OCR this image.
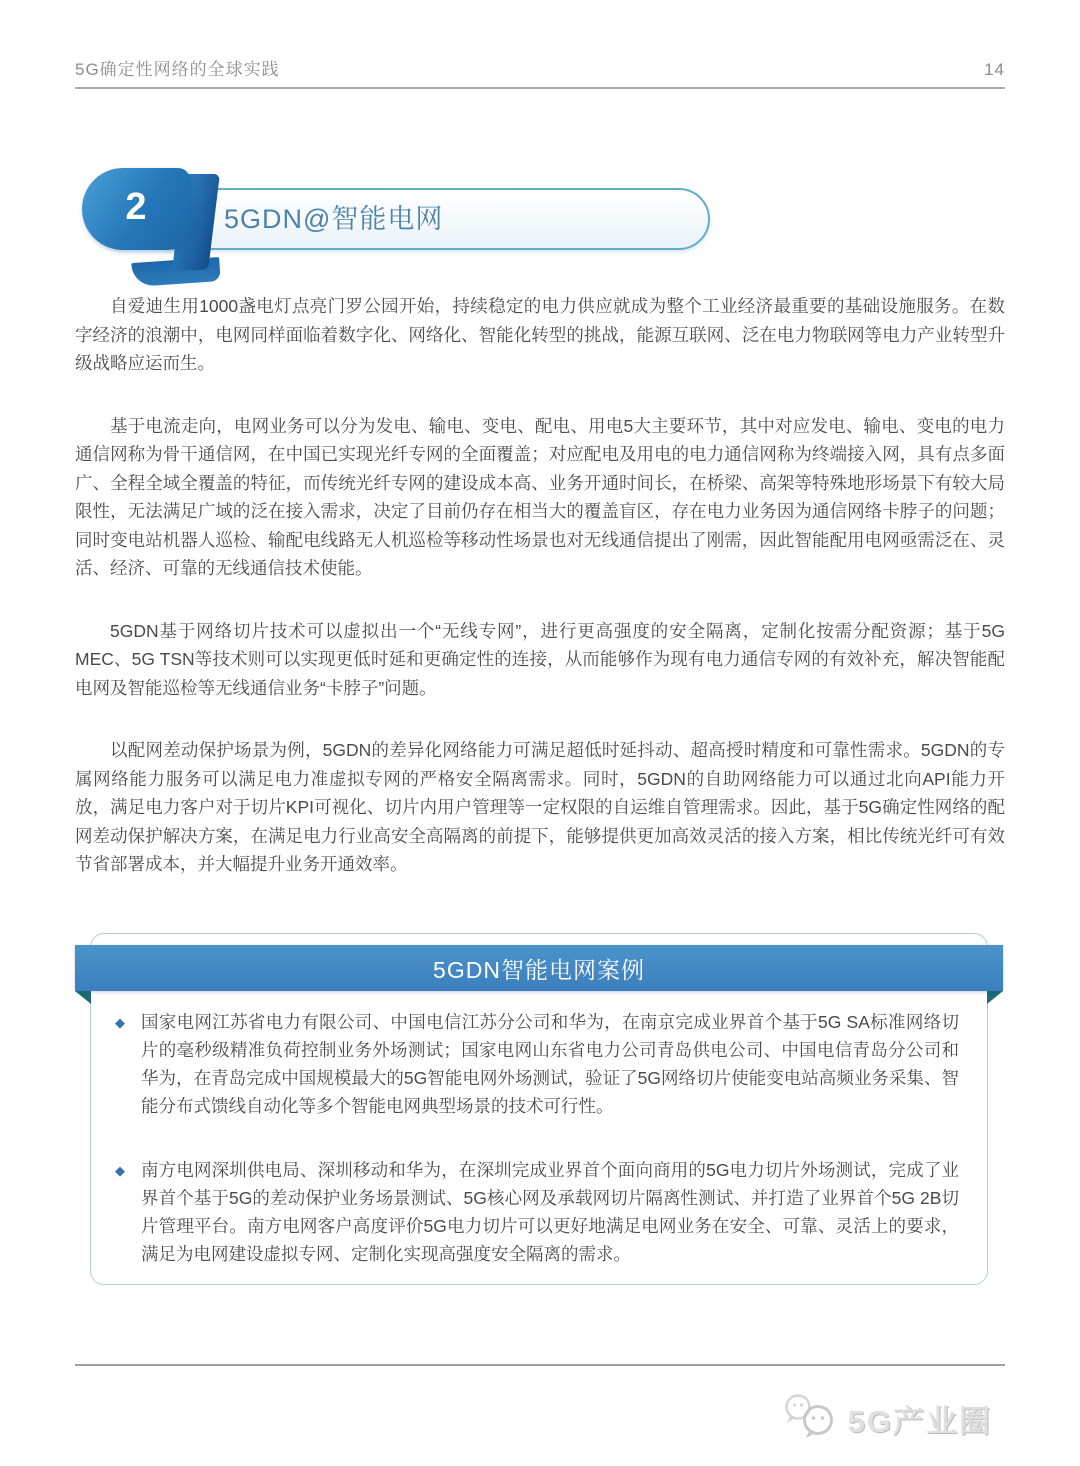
5G确定性网络的全球实践	14
5GDN@智能电网
2

自爱迪生用1000盏电灯点亮门罗公园开始，持续稳定的电力供应就成为整个工业经济最重要的基础设施服务。在数字经济的浪潮中，电网同样面临着数字化、网络化、智能化转型的挑战，能源互联网、泛在电力物联网等电力产业转型升级战略应运而生。

基于电流走向，电网业务可以分为发电、输电、变电、配电、用电5大主要环节，其中对应发电、输电、变电的电力通信网称为骨干通信网，在中国已实现光纤专网的全面覆盖；对应配电及用电的电力通信网称为终端接入网，具有点多面广、全程全域全覆盖的特征，而传统光纤专网的建设成本高、业务开通时间长，在桥梁、高架等特殊地形场景下有较大局限性，无法满足广域的泛在接入需求，决定了目前仍存在相当大的覆盖盲区，存在电力业务因为通信网络卡脖子的问题；同时变电站机器人巡检、输配电线路无人机巡检等移动性场景也对无线通信提出了刚需，因此智能配用电网亟需泛在、灵活、经济、可靠的无线通信技术使能。

5GDN基于网络切片技术可以虚拟出一个“无线专网”，进行更高强度的安全隔离，定制化按需分配资源；基于5G MEC、5G TSN等技术则可以实现更低时延和更确定性的连接，从而能够作为现有电力通信专网的有效补充，解决智能配电网及智能巡检等无线通信业务“卡脖子”问题。

以配网差动保护场景为例，5GDN的差异化网络能力可满足超低时延抖动、超高授时精度和可靠性需求。5GDN的专属网络能力服务可以满足电力准虚拟专网的严格安全隔离需求。同时，5GDN的自助网络能力可以通过北向API能力开放，满足电力客户对于切片KPI可视化、切片内用户管理等一定权限的自运维自管理需求。因此，基于5G确定性网络的配网差动保护解决方案，在满足电力行业高安全高隔离的前提下，能够提供更加高效灵活的接入方案，相比传统光纤可有效节省部署成本，并大幅提升业务开通效率。

5GDN智能电网案例
◆ 国家电网江苏省电力有限公司、中国电信江苏分公司和华为，在南京完成业界首个基于5G SA标准网络切片的毫秒级精准负荷控制业务外场测试；国家电网山东省电力公司青岛供电公司、中国电信青岛分公司和华为，在青岛完成中国规模最大的5G智能电网外场测试，验证了5G网络切片使能变电站高频业务采集、智能分布式馈线自动化等多个智能电网典型场景的技术可行性。

◆ 南方电网深圳供电局、深圳移动和华为，在深圳完成业界首个面向商用的5G电力切片外场测试，完成了业界首个基于5G的差动保护业务场景测试、5G核心网及承载网切片隔离性测试、并打造了业界首个5G 2B切片管理平台。南方电网客户高度评价5G电力切片可以更好地满足电网业务在安全、可靠、灵活上的要求，满足为电网建设虚拟专网、定制化实现高强度安全隔离的需求。

5G产业圈
